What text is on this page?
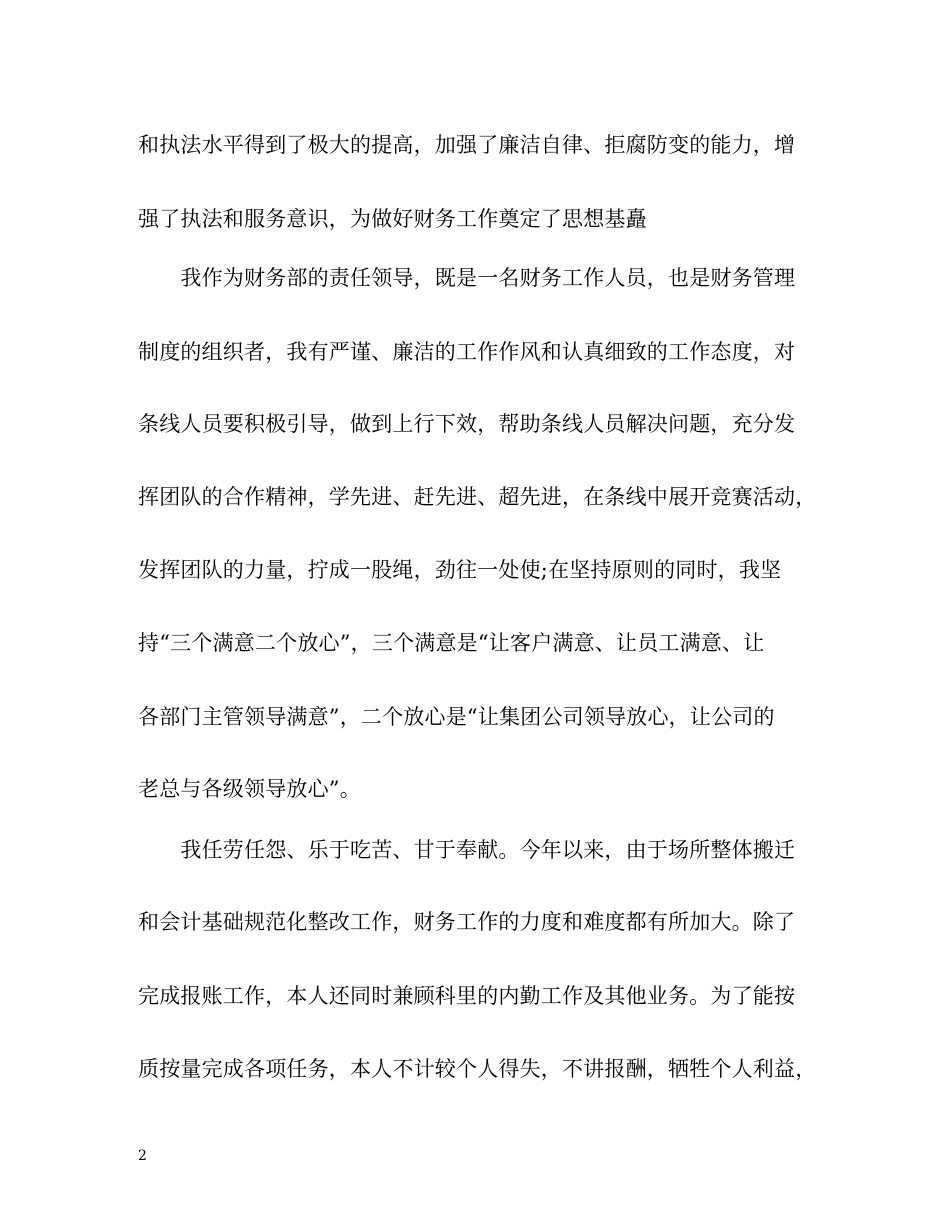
和执法水平得到了极大的提高，加强了廉洁自律、拒腐防变的能力，增
强了执法和服务意识，为做好财务工作奠定了思想基矗
　　我作为财务部的责任领导，既是一名财务工作人员，也是财务管理
制度的组织者，我有严谨、廉洁的工作作风和认真细致的工作态度，对
条线人员要积极引导，做到上行下效，帮助条线人员解决问题，充分发
挥团队的合作精神，学先进、赶先进、超先进，在条线中展开竞赛活动，
发挥团队的力量，拧成一股绳，劲往一处使;在坚持原则的同时，我坚
持“三个满意二个放心”，三个满意是“让客户满意、让员工满意、让
各部门主管领导满意”，二个放心是“让集团公司领导放心，让公司的
老总与各级领导放心”。
　　我任劳任怨、乐于吃苦、甘于奉献。今年以来，由于场所整体搬迁
和会计基础规范化整改工作，财务工作的力度和难度都有所加大。除了
完成报账工作，本人还同时兼顾科里的内勤工作及其他业务。为了能按
质按量完成各项任务，本人不计较个人得失，不讲报酬，牺牲个人利益，
2
